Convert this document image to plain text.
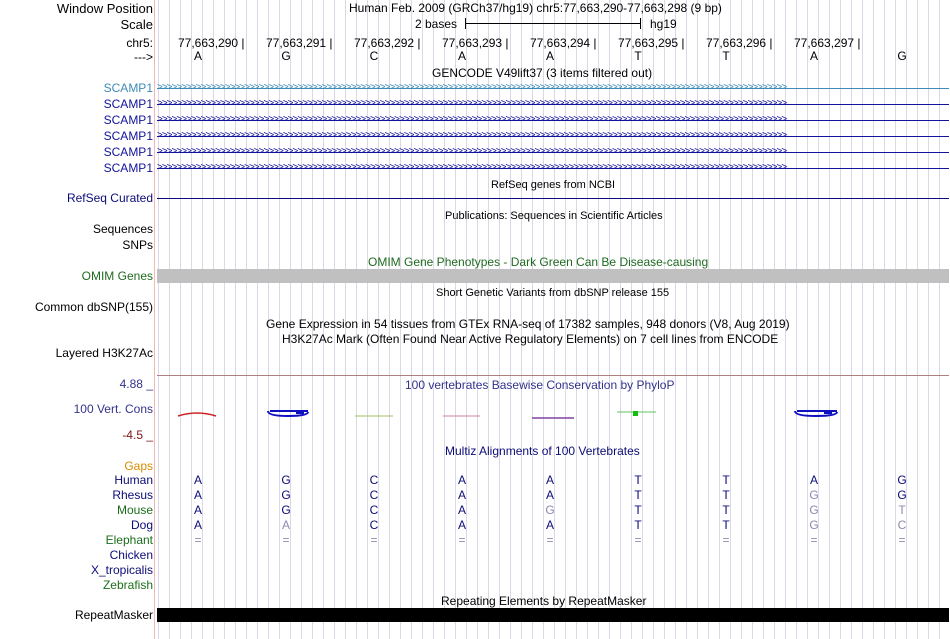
Window Position	Human Feb. 2009 (GRCh37/hg19) chr5:77,663,290-77,663,298 (9 bp)
Scale	2 bases	hg19
chr5: 77,663,290 | 77,663,291 | 77,663,292 | 77,663,293 | 77,663,294 | 77,663,295 | 77,663,296 | 77,663,297 |
--->	A	G	C	A	A	T	T	A	G
GENCODE V49lift37 (3 items filtered out)
SCAMP1 >>>>>>>>>>>>>>>>>>>>>>>>>>>>>>>>>>>>>>>>>>>>>>>>>>>>>>>>>>>>>>>>>>>>>>>>>>>>>>>>>>>>>>>>>>>>>>>>>>>>>>>>>>>>>>>>>>>>>>>>>>>>>>>>>>
SCAMP1 >>>>>>>>>>>>>>>>>>>>>>>>>>>>>>>>>>>>>>>>>>>>>>>>>>>>>>>>>>>>>>>>>>>>>>>>>>>>>>>>>>>>>>>>>>>>>>>>>>>>>>>>>>>>>>>>>>>>>>>>>>>>>>>>>>
SCAMP1 >>>>>>>>>>>>>>>>>>>>>>>>>>>>>>>>>>>>>>>>>>>>>>>>>>>>>>>>>>>>>>>>>>>>>>>>>>>>>>>>>>>>>>>>>>>>>>>>>>>>>>>>>>>>>>>>>>>>>>>>>>>>>>>>>>
SCAMP1 >>>>>>>>>>>>>>>>>>>>>>>>>>>>>>>>>>>>>>>>>>>>>>>>>>>>>>>>>>>>>>>>>>>>>>>>>>>>>>>>>>>>>>>>>>>>>>>>>>>>>>>>>>>>>>>>>>>>>>>>>>>>>>>>>>
SCAMP1 >>>>>>>>>>>>>>>>>>>>>>>>>>>>>>>>>>>>>>>>>>>>>>>>>>>>>>>>>>>>>>>>>>>>>>>>>>>>>>>>>>>>>>>>>>>>>>>>>>>>>>>>>>>>>>>>>>>>>>>>>>>>>>>>>>
SCAMP1 >>>>>>>>>>>>>>>>>>>>>>>>>>>>>>>>>>>>>>>>>>>>>>>>>>>>>>>>>>>>>>>>>>>>>>>>>>>>>>>>>>>>>>>>>>>>>>>>>>>>>>>>>>>>>>>>>>>>>>>>>>>>>>>>>>
RefSeq genes from NCBI
RefSeq Curated
Publications: Sequences in Scientific Articles
Sequences
SNPs
OMIM Gene Phenotypes - Dark Green Can Be Disease-causing
OMIM Genes
Short Genetic Variants from dbSNP release 155
Common dbSNP(155)
Gene Expression in 54 tissues from GTEx RNA-seq of 17382 samples, 948 donors (V8, Aug 2019)
H3K27Ac Mark (Often Found Near Active Regulatory Elements) on 7 cell lines from ENCODE
Layered H3K27Ac
4.88 _	100 vertebrates Basewise Conservation by PhyloP
100 Vert. Cons
-4.5 _
Multiz Alignments of 100 Vertebrates
Gaps
Human	A	G	C	A	A	T	T	A	G
Rhesus	A	G	C	A	A	T	T	G	G
Mouse	A	G	C	A	G	T	T	G	T
Dog	A	A	C	A	A	T	T	G	C
Elephant	=	=	=	=	=	=	=	=	=
Chicken
X_tropicalis
Zebrafish
Repeating Elements by RepeatMasker
RepeatMasker
